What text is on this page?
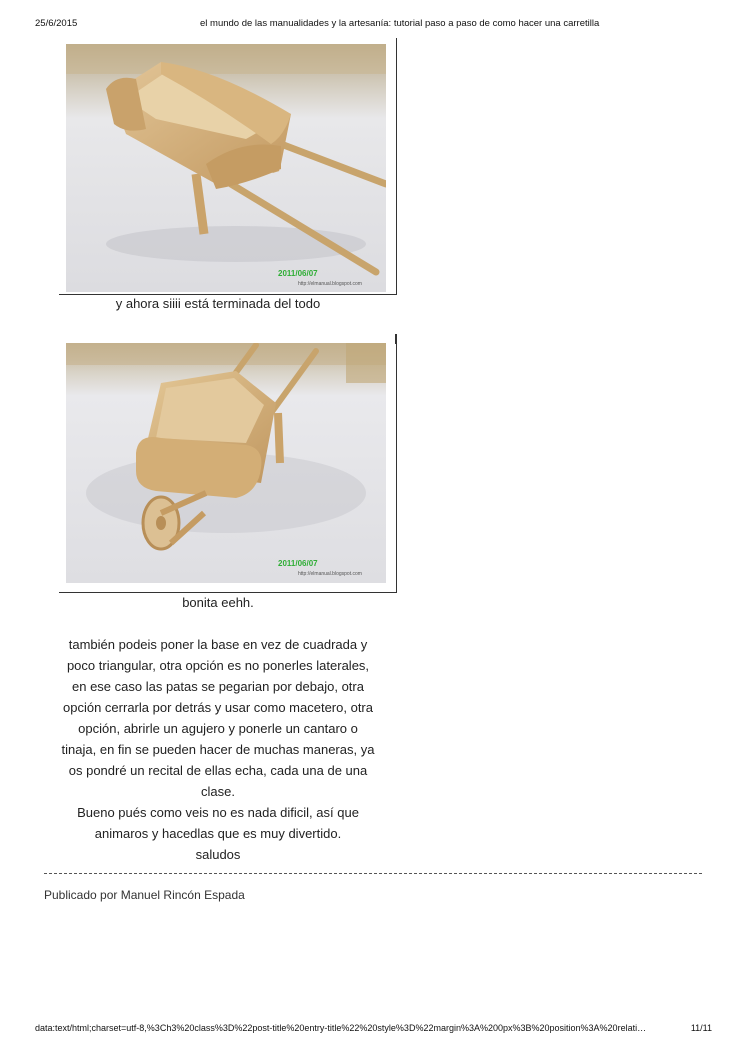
25/6/2015	el mundo de las manualidades y la artesanía: tutorial paso a paso de como hacer una carretilla
2011/06/07
http://elmanual.blogspot.com
y ahora siiii está terminada del todo
2011/06/07
http://elmanual.blogspot.com
bonita eehh.
también podeis poner la base en vez de cuadrada y
poco triangular, otra opción es no ponerles laterales,
en ese caso las patas se pegarian por debajo, otra
opción cerrarla por detrás y usar como macetero, otra
opción, abrirle un agujero y ponerle un cantaro o
tinaja, en fin se pueden hacer de muchas maneras, ya
os pondré un recital de ellas echa, cada una de una
clase.
Bueno pués como veis no es nada dificil, así que
animaros y hacedlas que es muy divertido.
saludos
Publicado por Manuel Rincón Espada
data:text/html;charset=utf-8,%3Ch3%20class%3D%22post-title%20entry-title%22%20style%3D%22margin%3A%200px%3B%20position%3A%20relati…	11/11
